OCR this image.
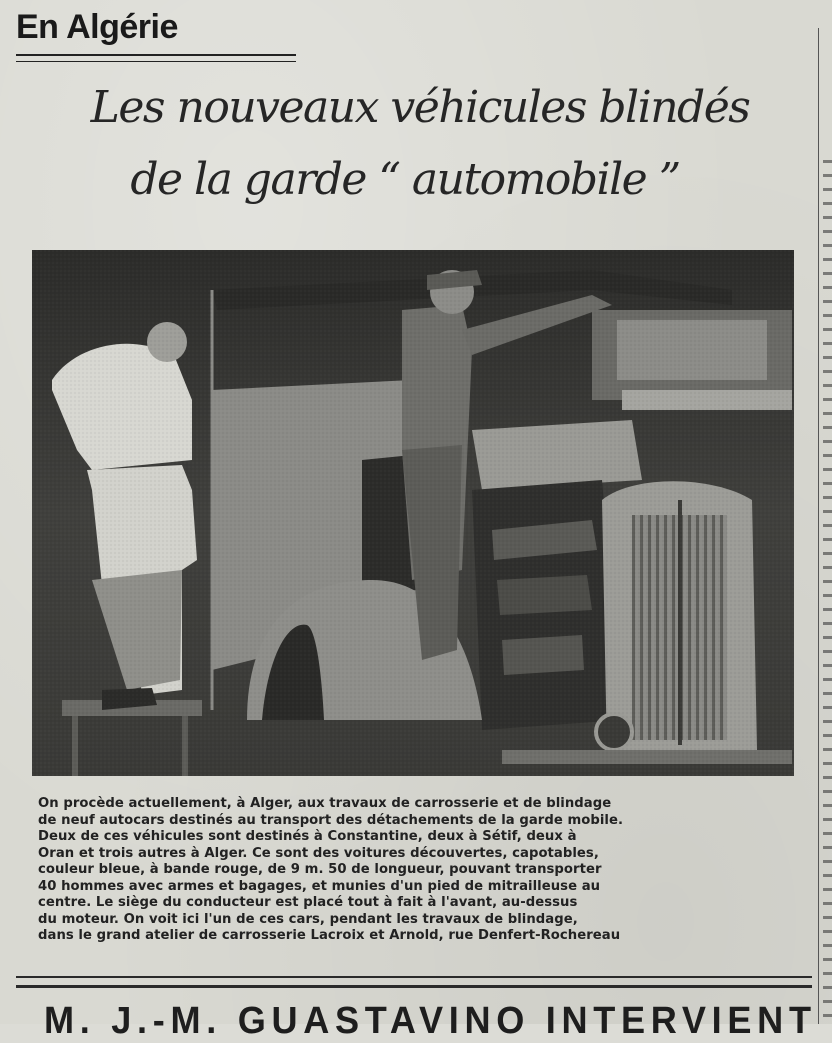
En Algérie
Les nouveaux véhicules blindés
de la garde “ automobile ”
On procède actuellement, à Alger, aux travaux de carrosserie et de blindage
de neuf autocars destinés au transport des détachements de la garde mobile.
Deux de ces véhicules sont destinés à Constantine, deux à Sétif, deux à
Oran et trois autres à Alger. Ce sont des voitures découvertes, capotables,
couleur bleue, à bande rouge, de 9 m. 50 de longueur, pouvant transporter
40 hommes avec armes et bagages, et munies d'un pied de mitrailleuse au
centre. Le siège du conducteur est placé tout à fait à l'avant, au-dessus
du moteur. On voit ici l'un de ces cars, pendant les travaux de blindage,
dans le grand atelier de carrosserie Lacroix et Arnold, rue Denfert-Rochereau
M. J.-M. GUASTAVINO INTERVIENT
